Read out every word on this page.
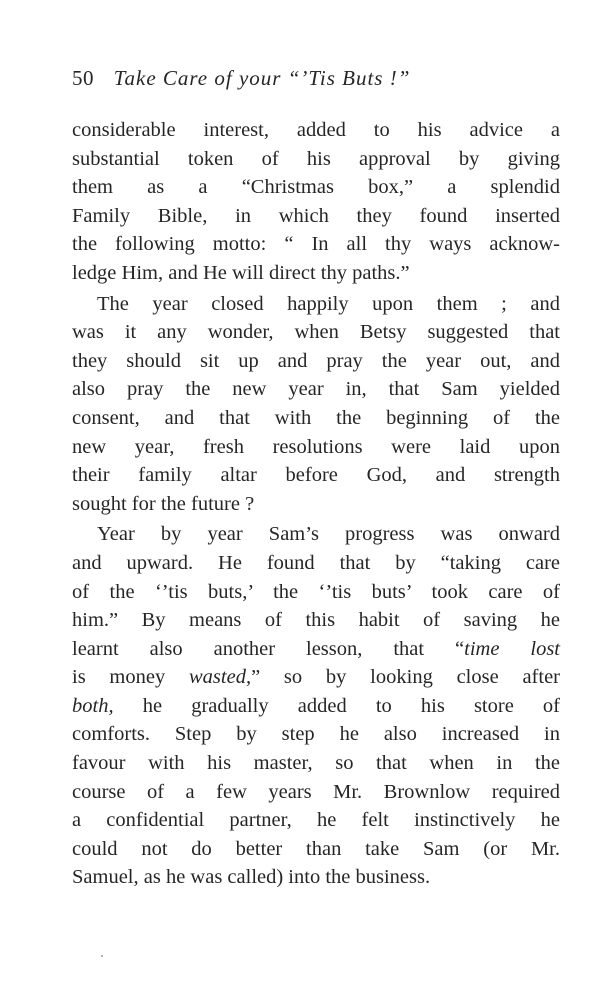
50 Take Care of your “’Tis Buts !”
considerable interest, added to his advice a
substantial token of his approval by giving
them as a “Christmas box,” a splendid
Family Bible, in which they found inserted
the following motto: “ In all thy ways acknow-
ledge Him, and He will direct thy paths.”
The year closed happily upon them ; and
was it any wonder, when Betsy suggested that
they should sit up and pray the year out, and
also pray the new year in, that Sam yielded
consent, and that with the beginning of the
new year, fresh resolutions were laid upon
their family altar before God, and strength
sought for the future ?
Year by year Sam’s progress was onward
and upward. He found that by “taking care
of the ‘’tis buts,’ the ‘’tis buts’ took care of
him.” By means of this habit of saving he
learnt also another lesson, that “time lost
is money wasted,” so by looking close after
both, he gradually added to his store of
comforts. Step by step he also increased in
favour with his master, so that when in the
course of a few years Mr. Brownlow required
a confidential partner, he felt instinctively he
could not do better than take Sam (or Mr.
Samuel, as he was called) into the business.
